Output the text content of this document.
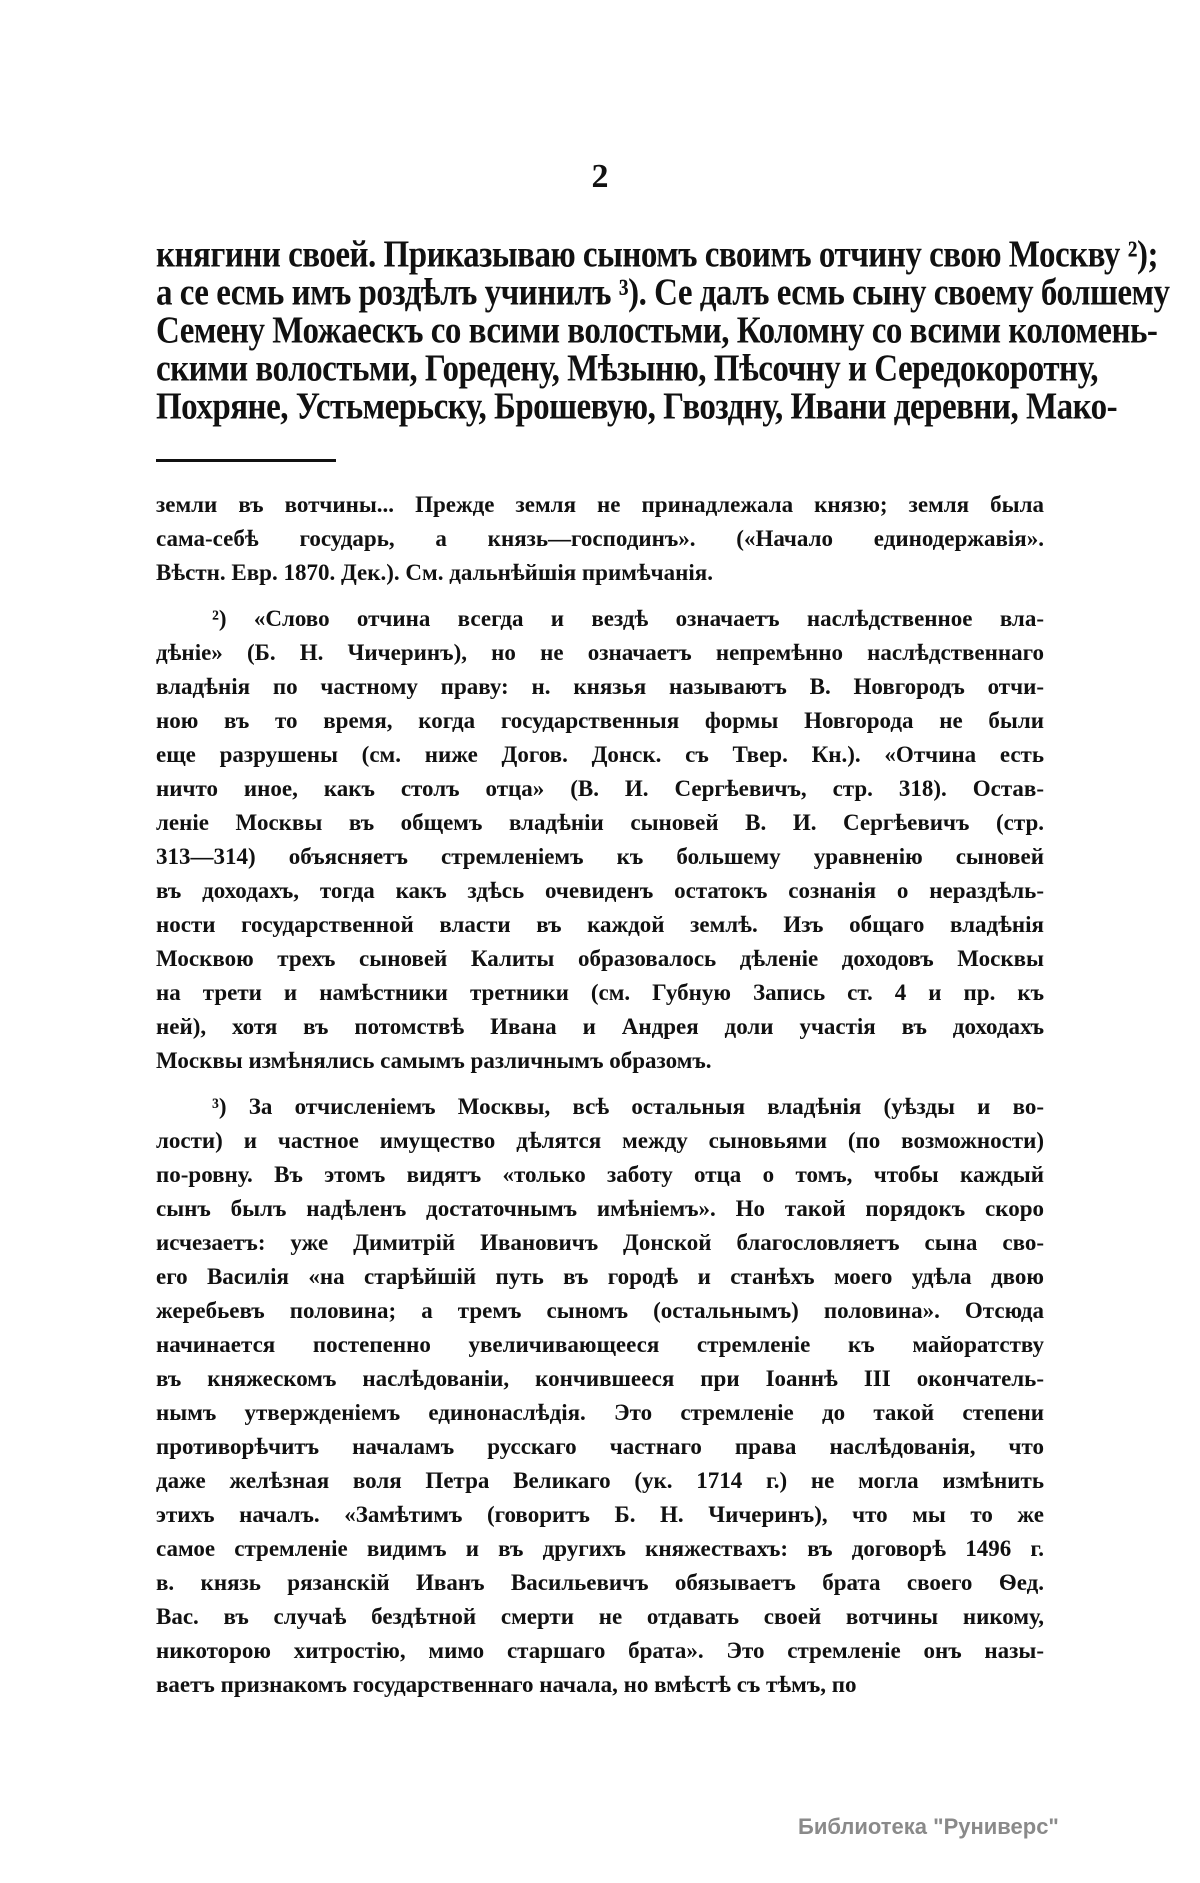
2
княгини своей. Приказываю сыномъ своимъ отчину свою Москву ²);
а се есмь имъ роздѣлъ учинилъ ³). Се далъ есмь сыну своему болшему
Семену Можаескъ со всими волостьми, Коломну со всими коломень-
скими волостьми, Горедену, Мѣзыню, Пѣсочну и Середокоротну,
Похряне, Устьмерьску, Брошевую, Гвоздну, Ивани деревни, Мако-
земли въ вотчины... Прежде земля не принадлежала князю; земля была
сама-себѣ государь, а князь—господинъ». («Начало единодержавія».
Вѣстн. Евр. 1870. Дек.). См. дальнѣйшія примѣчанія.
²) «Слово отчина всегда и вездѣ означаетъ наслѣдственное вла-
дѣніе» (Б. Н. Чичеринъ), но не означаетъ непремѣнно наслѣдственнаго
владѣнія по частному праву: н. князья называютъ В. Новгородъ отчи-
ною въ то время, когда государственныя формы Новгорода не были
еще разрушены (см. ниже Догов. Донск. съ Твер. Кн.). «Отчина есть
ничто иное, какъ столъ отца» (В. И. Сергѣевичъ, стр. 318). Остав-
леніе Москвы въ общемъ владѣніи сыновей В. И. Сергѣевичъ (стр.
313—314) объясняетъ стремленіемъ къ большему уравненію сыновей
въ доходахъ, тогда какъ здѣсь очевиденъ остатокъ сознанія о нераздѣль-
ности государственной власти въ каждой землѣ. Изъ общаго владѣнія
Москвою трехъ сыновей Калиты образовалось дѣленіе доходовъ Москвы
на трети и намѣстники третники (см. Губную Запись ст. 4 и пр. къ
ней), хотя въ потомствѣ Ивана и Андрея доли участія въ доходахъ
Москвы измѣнялись самымъ различнымъ образомъ.
³) За отчисленіемъ Москвы, всѣ остальныя владѣнія (уѣзды и во-
лости) и частное имущество дѣлятся между сыновьями (по возможности)
по-ровну. Въ этомъ видятъ «только заботу отца о томъ, чтобы каждый
сынъ былъ надѣленъ достаточнымъ имѣніемъ». Но такой порядокъ скоро
исчезаетъ: уже Димитрій Ивановичъ Донской благословляетъ сына сво-
его Василія «на старѣйшій путь въ городѣ и станѣхъ моего удѣла двою
жеребьевъ половина; а тремъ сыномъ (остальнымъ) половина». Отсюда
начинается постепенно увеличивающееся стремленіе къ майоратству
въ княжескомъ наслѣдованіи, кончившееся при Іоаннѣ III окончатель-
нымъ утвержденіемъ единонаслѣдія. Это стремленіе до такой степени
противорѣчитъ началамъ русскаго частнаго права наслѣдованія, что
даже желѣзная воля Петра Великаго (ук. 1714 г.) не могла измѣнить
этихъ началъ. «Замѣтимъ (говоритъ Б. Н. Чичеринъ), что мы то же
самое стремленіе видимъ и въ другихъ княжествахъ: въ договорѣ 1496 г.
в. князь рязанскій Иванъ Васильевичъ обязываетъ брата своего Ѳед.
Вас. въ случаѣ бездѣтной смерти не отдавать своей вотчины никому,
никоторою хитростію, мимо старшаго брата». Это стремленіе онъ назы-
ваетъ признакомъ государственнаго начала, но вмѣстѣ съ тѣмъ, по
Библиотека "Руниверс"
